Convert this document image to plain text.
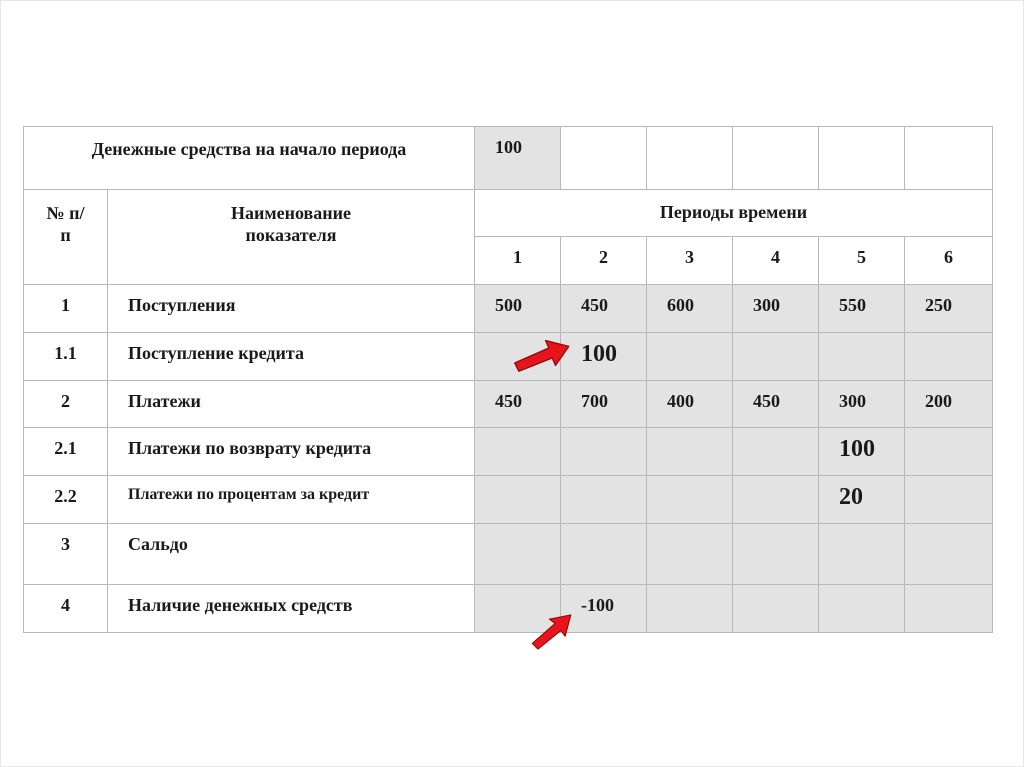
Денежные средства на начало периода		100					

№ п/п	Наименование показателя	Периоды времени					
		1	2	3	4	5	6
1	Поступления	500	450	600	300	550	250
1.1	Поступление кредита		100				
2	Платежи	450	700	400	450	300	200
2.1	Платежи по возврату кредита					100	
2.2	Платежи по процентам за кредит					20	
3	Сальдо						
4	Наличие денежных средств		-100				
